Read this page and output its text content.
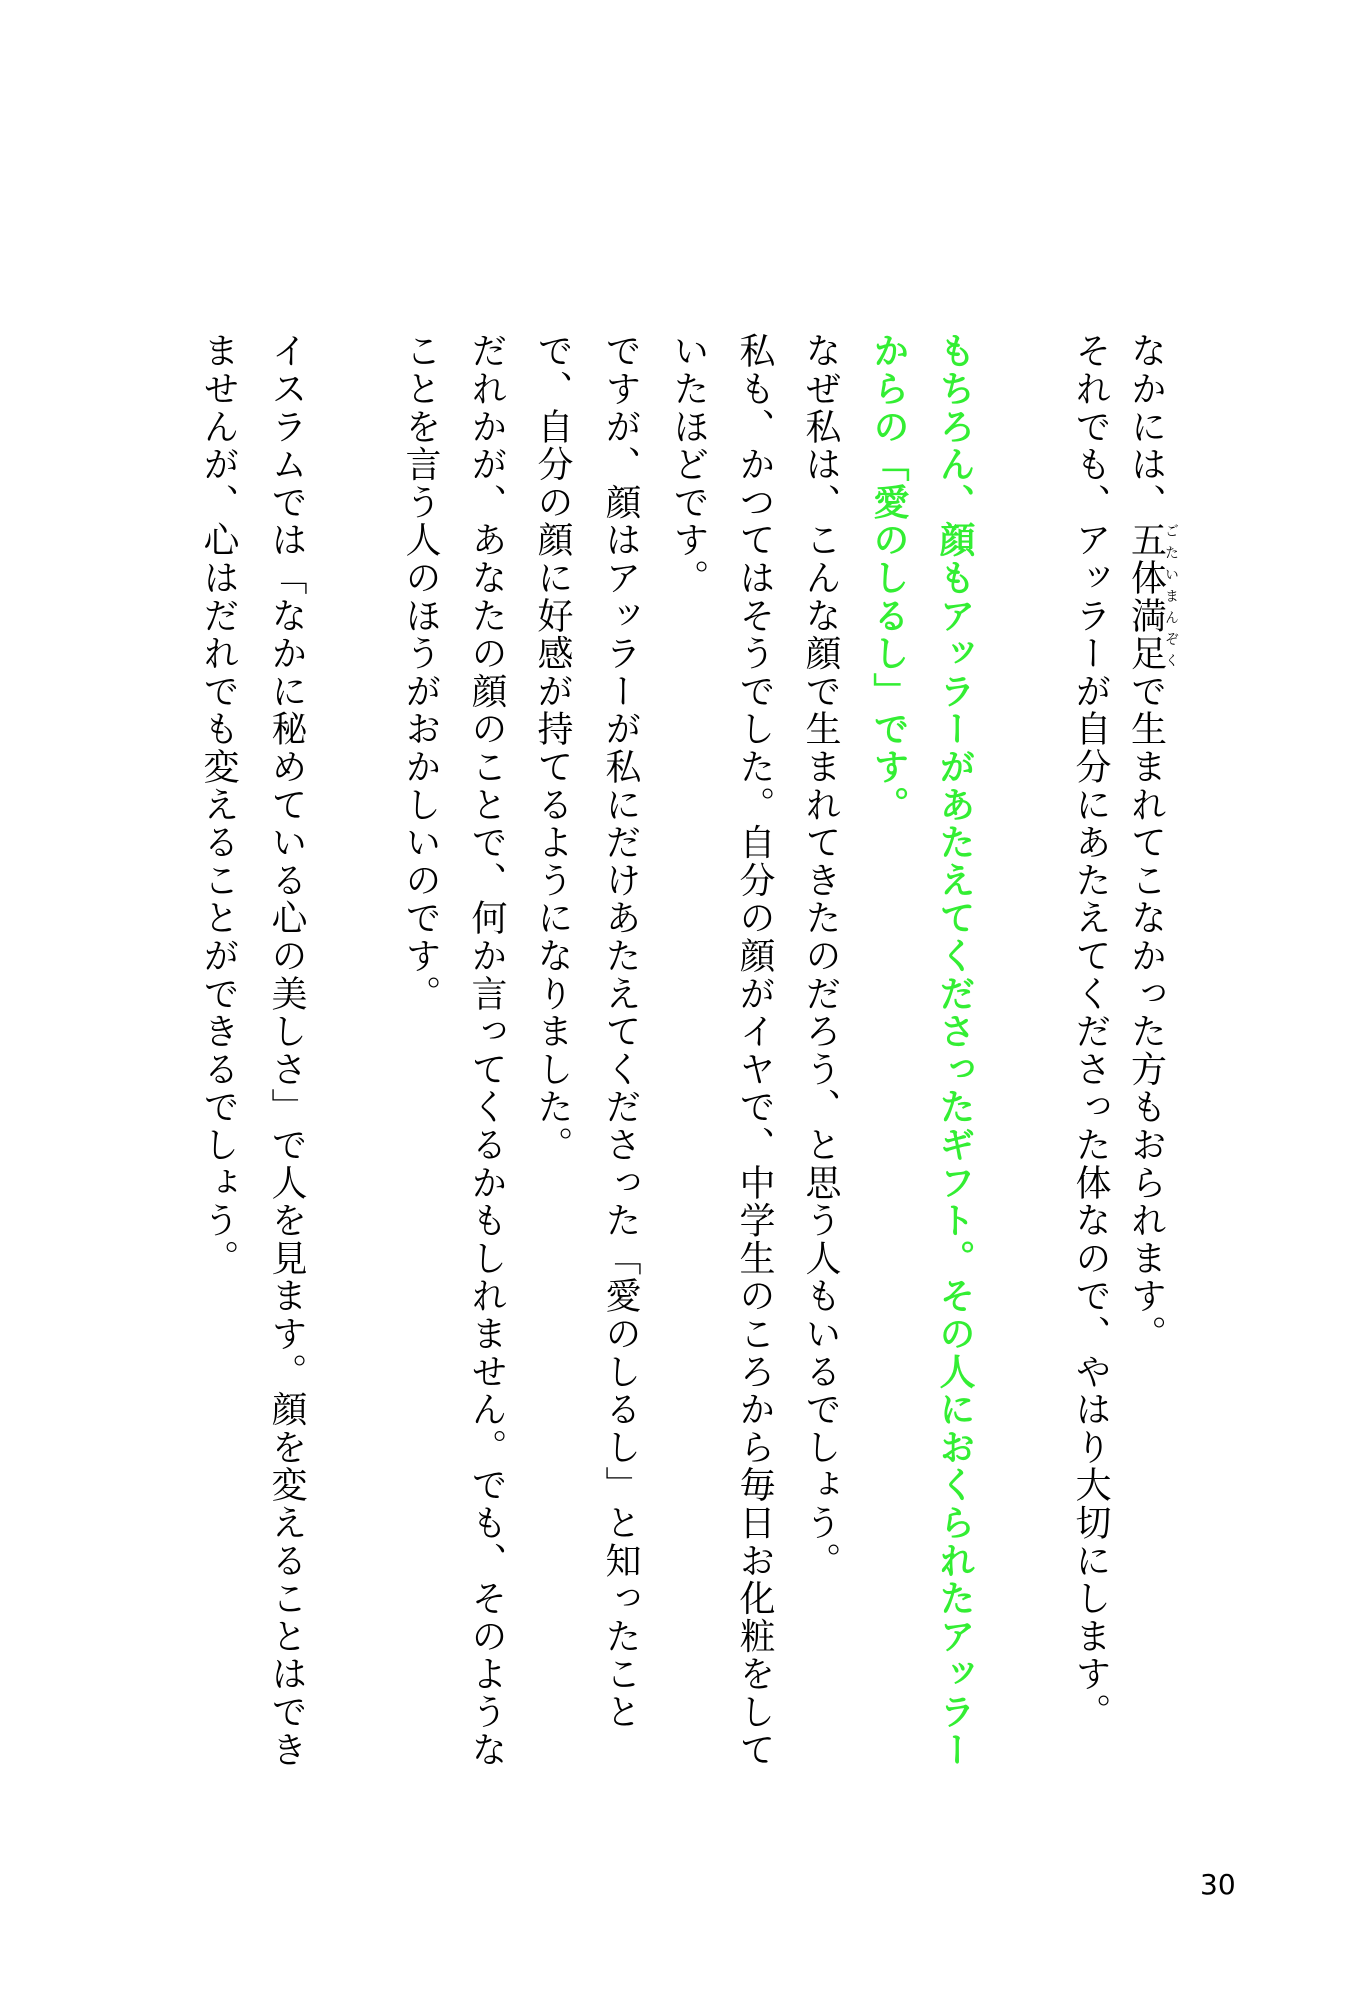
なかには、五体満足ごたいまんぞくで生まれてこなかった方もおられます。
それでも、アッラーが自分にあたえてくださった体なので、やはり大切にします。
もちろん、顔もアッラーがあたえてくださったギフト。その人におくられたアッラー
からの「愛のしるし」です。
なぜ私は、こんな顔で生まれてきたのだろう、と思う人もいるでしょう。
私も、かつてはそうでした。自分の顔がイヤで、中学生のころから毎日お化粧をして
いたほどです。
ですが、顔はアッラーが私にだけあたえてくださった「愛のしるし」と知ったこと
で、自分の顔に好感が持てるようになりました。
だれかが、あなたの顔のことで、何か言ってくるかもしれません。でも、そのような
ことを言う人のほうがおかしいのです。
イスラムでは「なかに秘めている心の美しさ」で人を見ます。顔を変えることはでき
ませんが、心はだれでも変えることができるでしょう。
30
